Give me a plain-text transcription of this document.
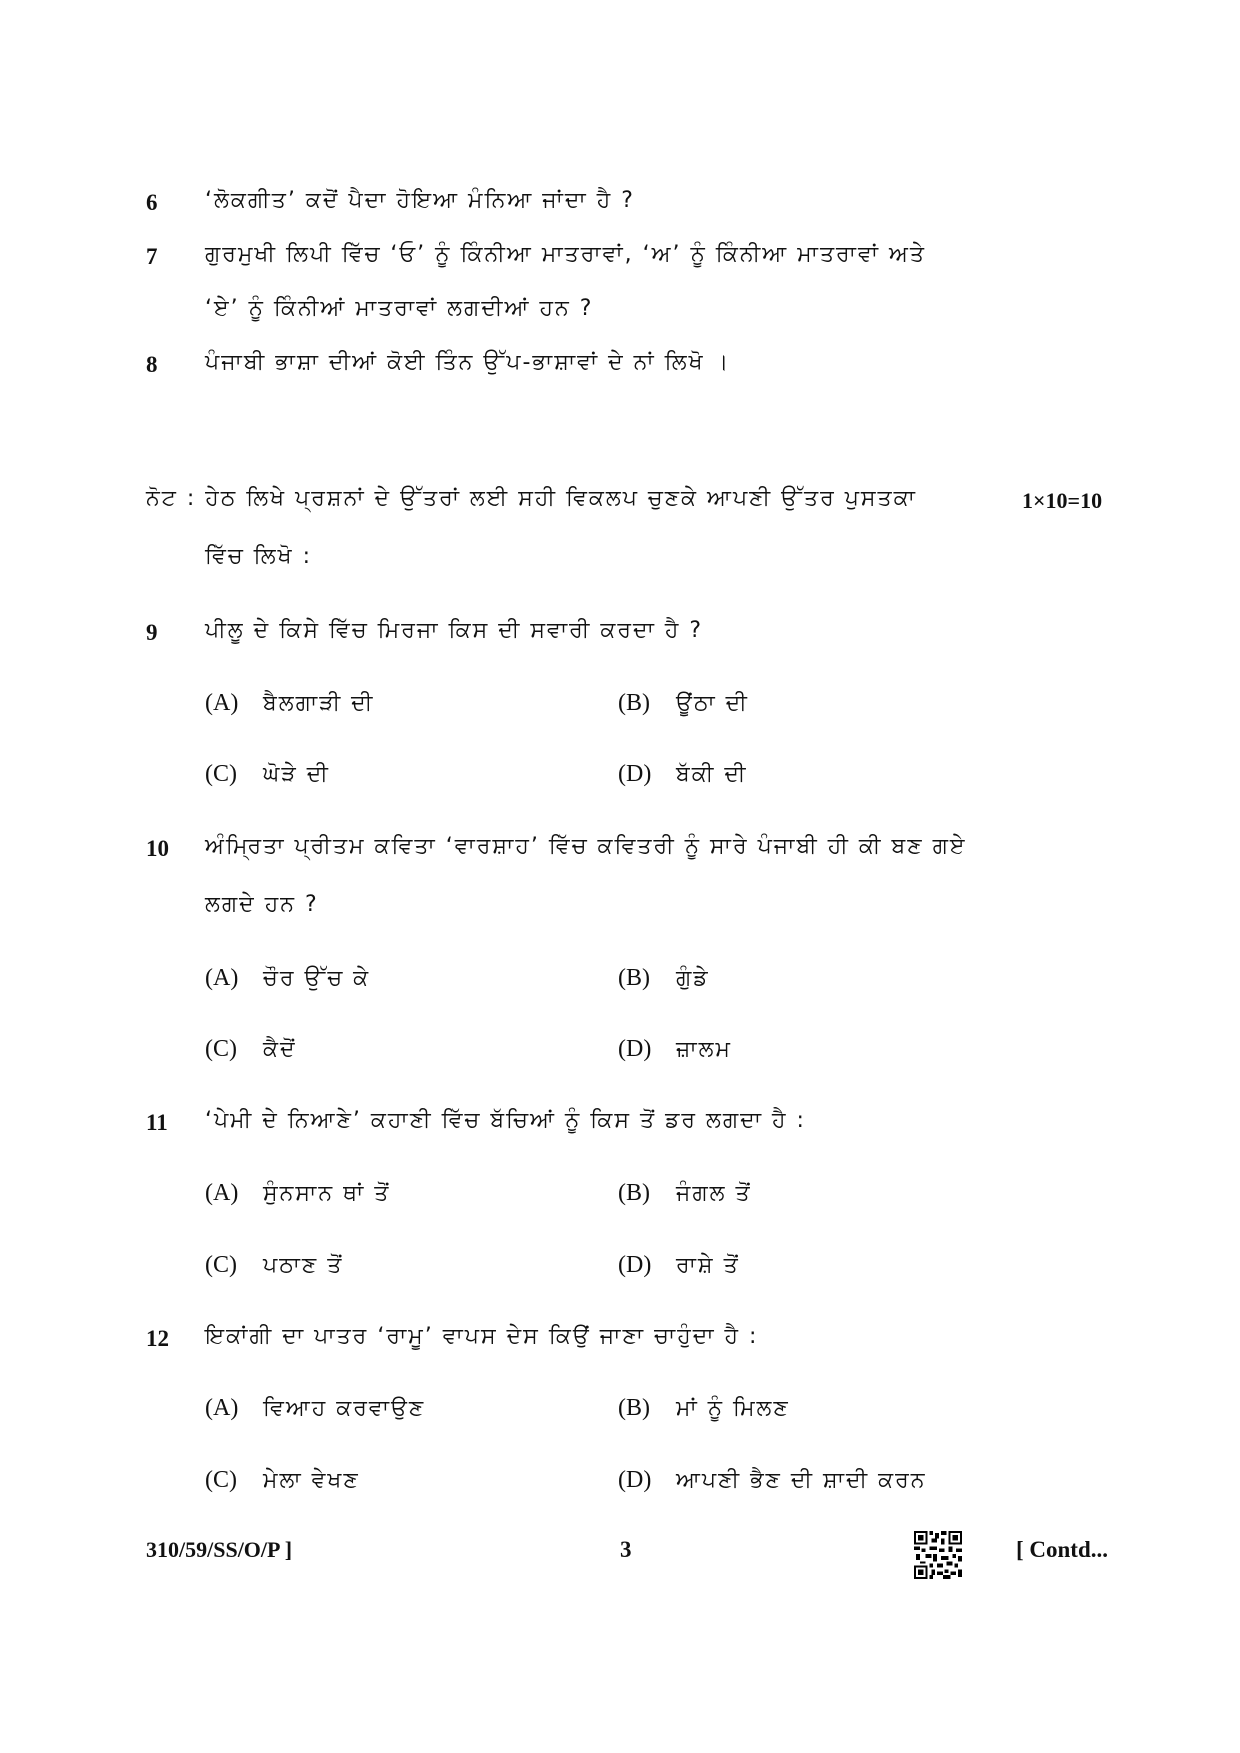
6 ‘ਲੋਕਗੀਤ’ ਕਦੋਂ ਪੈਦਾ ਹੋਇਆ ਮੰਨਿਆ ਜਾਂਦਾ ਹੈ ?
7 ਗੁਰਮੁਖੀ ਲਿਪੀ ਵਿੱਚ ‘ਓ’ ਨੂੰ ਕਿੰਨੀਆ ਮਾਤਰਾਵਾਂ, ‘ਅ’ ਨੂੰ ਕਿੰਨੀਆ ਮਾਤਰਾਵਾਂ ਅਤੇ
‘ਏ’ ਨੂੰ ਕਿੰਨੀਆਂ ਮਾਤਰਾਵਾਂ ਲਗਦੀਆਂ ਹਨ ?
8 ਪੰਜਾਬੀ ਭਾਸ਼ਾ ਦੀਆਂ ਕੋਈ ਤਿੰਨ ਉੱਪ-ਭਾਸ਼ਾਵਾਂ ਦੇ ਨਾਂ ਲਿਖੋ ।
ਨੋਟ : ਹੇਠ ਲਿਖੇ ਪ੍ਰਸ਼ਨਾਂ ਦੇ ਉੱਤਰਾਂ ਲਈ ਸਹੀ ਵਿਕਲਪ ਚੁਣਕੇ ਆਪਣੀ ਉੱਤਰ ਪੁਸਤਕਾ	1×10=10
ਵਿੱਚ ਲਿਖੋ :
9 ਪੀਲੂ ਦੇ ਕਿਸੇ ਵਿੱਚ ਮਿਰਜਾ ਕਿਸ ਦੀ ਸਵਾਰੀ ਕਰਦਾ ਹੈ ?
(A)	ਬੈਲਗਾੜੀ ਦੀ	(B)	ਊਂਠਾ ਦੀ
(C)	ਘੋੜੇ ਦੀ	(D)	ਬੱਕੀ ਦੀ
10 ਅੰਮ੍ਰਿਤਾ ਪ੍ਰੀਤਮ ਕਵਿਤਾ ‘ਵਾਰਸ਼ਾਹ’ ਵਿੱਚ ਕਵਿਤਰੀ ਨੂੰ ਸਾਰੇ ਪੰਜਾਬੀ ਹੀ ਕੀ ਬਣ ਗਏ
ਲਗਦੇ ਹਨ ?
(A)	ਚੌਰ ਉੱਚ ਕੇ	(B)	ਗੁੰਡੇ
(C)	ਕੈਦੋਂ	(D)	ਜ਼ਾਲਮ
11 ‘ਪੇਮੀ ਦੇ ਨਿਆਣੇ’ ਕਹਾਣੀ ਵਿੱਚ ਬੱਚਿਆਂ ਨੂੰ ਕਿਸ ਤੋਂ ਡਰ ਲਗਦਾ ਹੈ :
(A)	ਸੁੰਨਸਾਨ ਥਾਂ ਤੋਂ	(B)	ਜੰਗਲ ਤੋਂ
(C)	ਪਠਾਣ ਤੋਂ	(D)	ਰਾਸ਼ੇ ਤੋਂ
12 ਇਕਾਂਗੀ ਦਾ ਪਾਤਰ ‘ਰਾਮੂ’ ਵਾਪਸ ਦੇਸ ਕਿਉਂ ਜਾਣਾ ਚਾਹੁੰਦਾ ਹੈ :
(A)	ਵਿਆਹ ਕਰਵਾਉਣ	(B)	ਮਾਂ ਨੂੰ ਮਿਲਣ
(C)	ਮੇਲਾ ਵੇਖਣ	(D)	ਆਪਣੀ ਭੈਣ ਦੀ ਸ਼ਾਦੀ ਕਰਨ
310/59/SS/O/P ]	3	[ Contd...
